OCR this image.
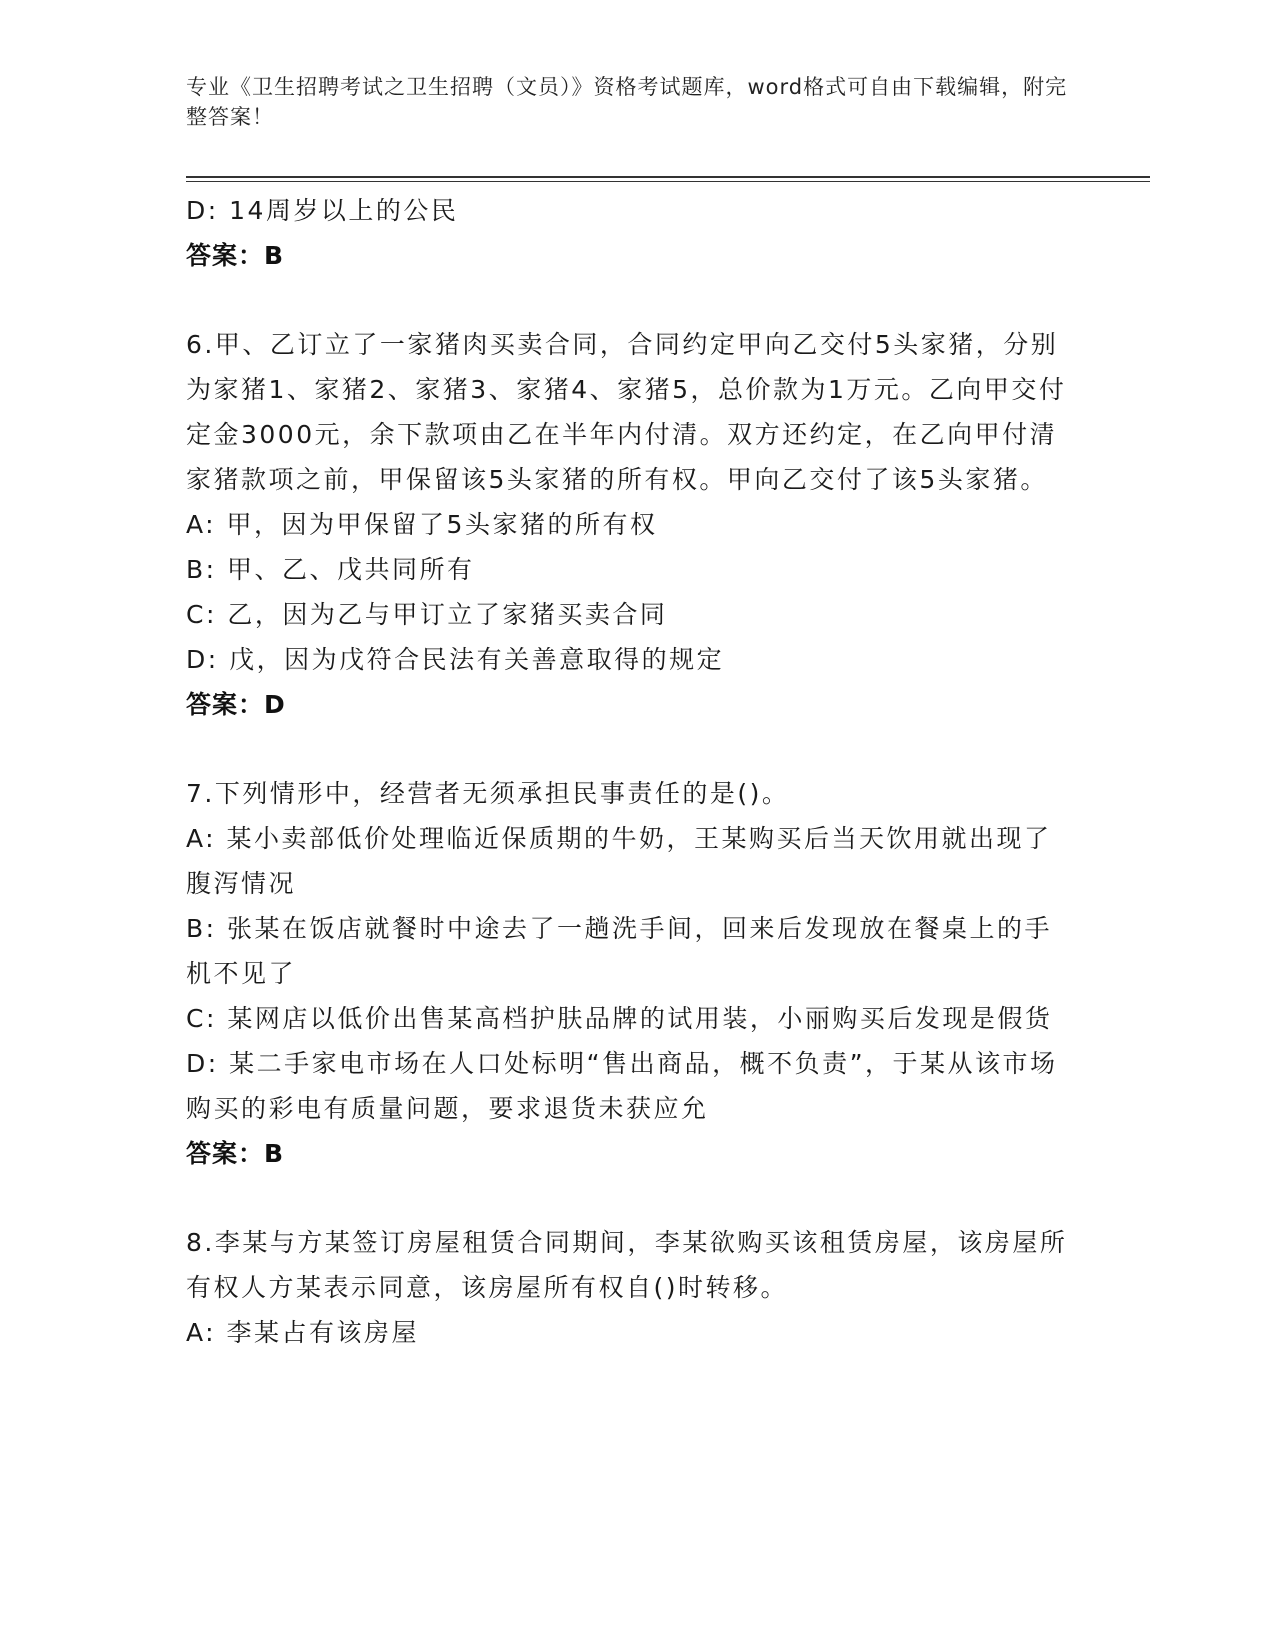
专业《卫生招聘考试之卫生招聘（文员）》资格考试题库，word格式可自由下载编辑，附完整答案！
D: 14周岁以上的公民
答案：B
6.甲、乙订立了一家猪肉买卖合同，合同约定甲向乙交付5头家猪，分别为家猪1、家猪2、家猪3、家猪4、家猪5，总价款为1万元。乙向甲交付定金3000元，余下款项由乙在半年内付清。双方还约定，在乙向甲付清家猪款项之前，甲保留该5头家猪的所有权。甲向乙交付了该5头家猪。
A: 甲，因为甲保留了5头家猪的所有权
B: 甲、乙、戊共同所有
C: 乙，因为乙与甲订立了家猪买卖合同
D: 戊，因为戊符合民法有关善意取得的规定
答案：D
7.下列情形中，经营者无须承担民事责任的是()。
A: 某小卖部低价处理临近保质期的牛奶，王某购买后当天饮用就出现了腹泻情况
B: 张某在饭店就餐时中途去了一趟洗手间，回来后发现放在餐桌上的手机不见了
C: 某网店以低价出售某高档护肤品牌的试用装，小丽购买后发现是假货
D: 某二手家电市场在人口处标明“售出商品，概不负责”，于某从该市场购买的彩电有质量问题，要求退货未获应允
答案：B
8.李某与方某签订房屋租赁合同期间，李某欲购买该租赁房屋，该房屋所有权人方某表示同意，该房屋所有权自()时转移。
A: 李某占有该房屋
